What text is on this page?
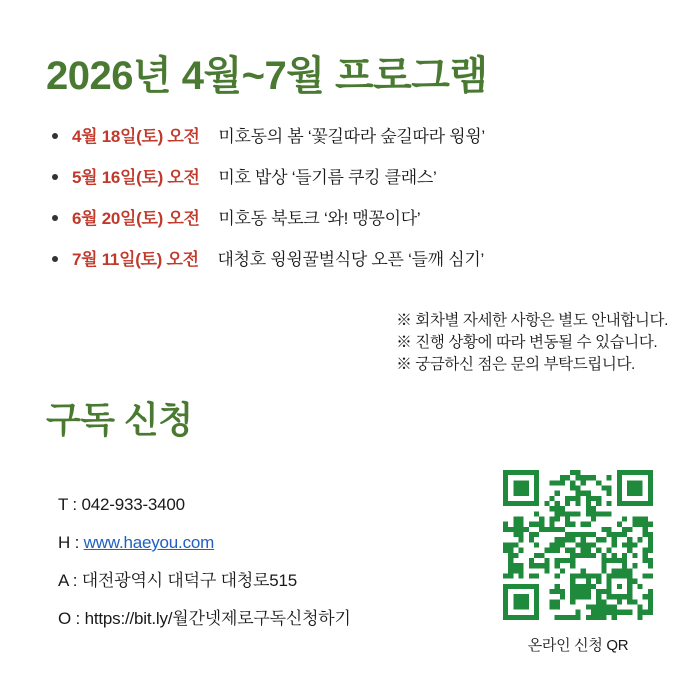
2026년 4월~7월 프로그램
4월 18일(토) 오전 미호동의 봄 ‘꽃길따라 숲길따라 윙윙’
5월 16일(토) 오전 미호 밥상 ‘들기름 쿠킹 클래스’
6월 20일(토) 오전 미호동 북토크 ‘와! 맹꽁이다’
7월 11일(토) 오전 대청호 윙윙꿀벌식당 오픈 ‘들깨 심기’
※ 회차별 자세한 사항은 별도 안내합니다.
※ 진행 상황에 따라 변동될 수 있습니다.
※ 궁금하신 점은 문의 부탁드립니다.
구독 신청
T : 042-933-3400
H : www.haeyou.com
A : 대전광역시 대덕구 대청로515
O : https://bit.ly/월간넷제로구독신청하기
온라인 신청 QR
